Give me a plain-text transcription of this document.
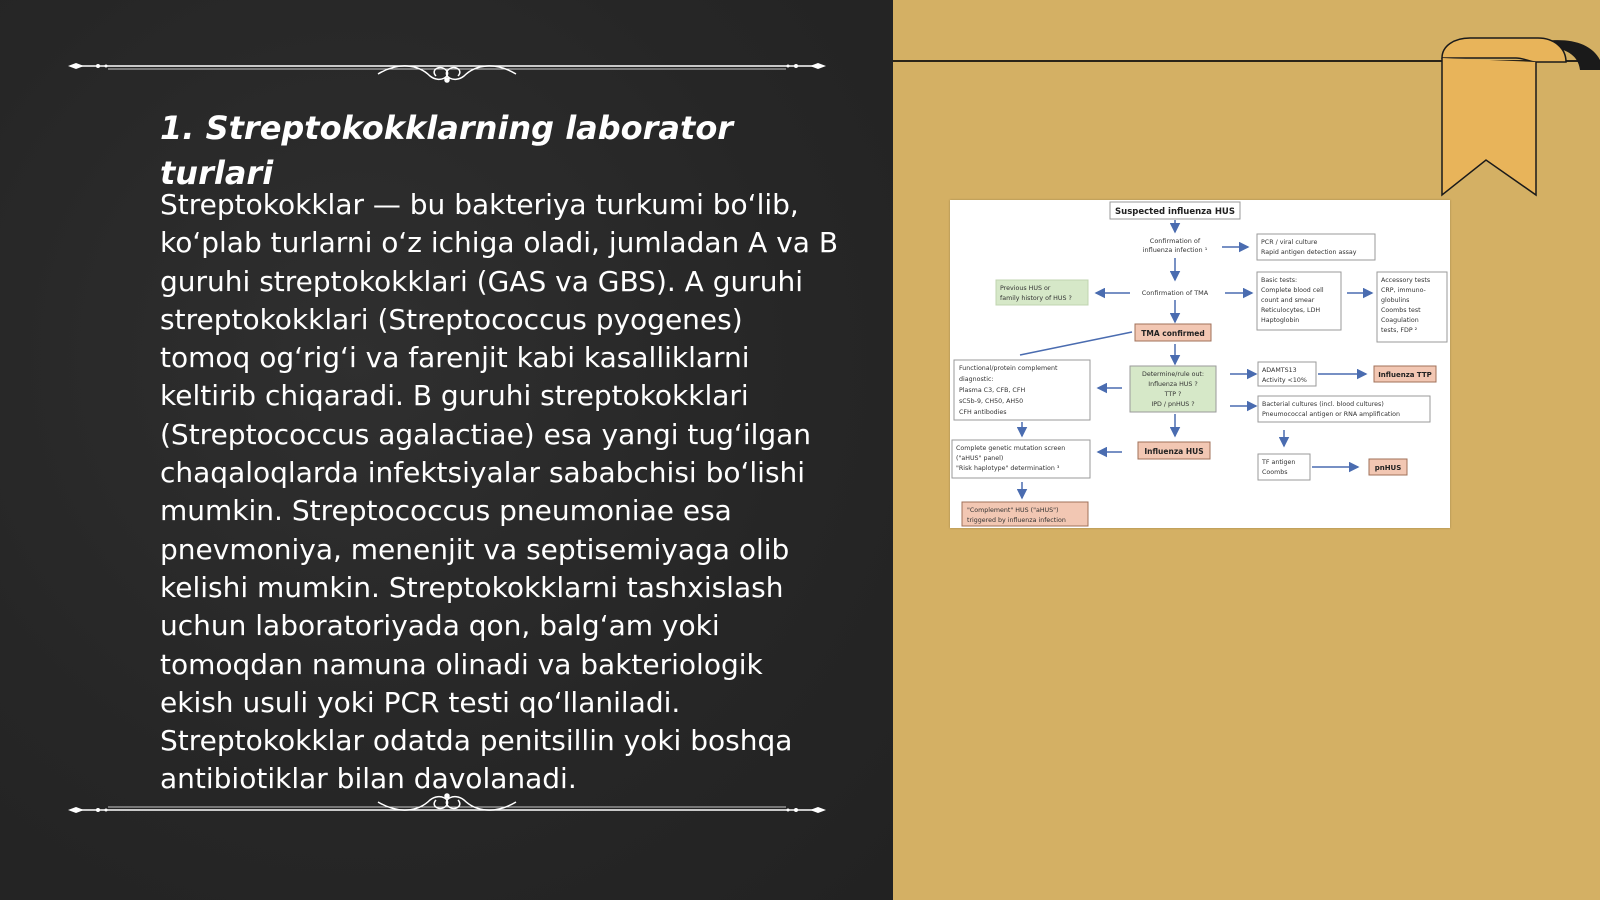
1. Streptokokklarning laborator turlari

Streptokokklar — bu bakteriya turkumi bo‘lib, ko‘plab turlarni o‘z ichiga oladi, jumladan A va B guruhi streptokokklari (GAS va GBS). A guruhi streptokokklari (Streptococcus pyogenes) tomoq og‘rig‘i va farenjit kabi kasalliklarni keltirib chiqaradi. B guruhi streptokokklari (Streptococcus agalactiae) esa yangi tug‘ilgan chaqaloqlarda infektsiyalar sababchisi bo‘lishi mumkin. Streptococcus pneumoniae esa pnevmoniya, menenjit va septisemiyaga olib kelishi mumkin. Streptokokklarni tashxislash uchun laboratoriyada qon, balg‘am yoki tomoqdan namuna olinadi va bakteriologik ekish usuli yoki PCR testi qo‘llaniladi. Streptokokklar odatda penitsillin yoki boshqa antibiotiklar bilan davolanadi.

Suspected influenza HUS
Confirmation of
influenza infection ¹
PCR / viral culture
Rapid antigen detection assay
Previous HUS or
family history of HUS ?
Confirmation of TMA
Basic tests:
Complete blood cell
count and smear
Reticulocytes, LDH
Haptoglobin
Accessory tests
CRP, immuno-
globulins
Coombs test
Coagulation
tests, FDP ²
TMA confirmed
Functional/protein complement
diagnostic:
Plasma C3, CFB, CFH
sC5b-9, CH50, AH50
CFH antibodies
Determine/rule out:
Influenza HUS ?
TTP ?
IPD / pnHUS ?
ADAMTS13
Activity <10%
Influenza TTP
Bacterial cultures (incl. blood cultures)
Pneumococcal antigen or RNA amplification
Complete genetic mutation screen
("aHUS" panel)
"Risk haplotype" determination ³
Influenza HUS
TF antigen
Coombs
pnHUS
"Complement" HUS ("aHUS")
triggered by influenza infection
